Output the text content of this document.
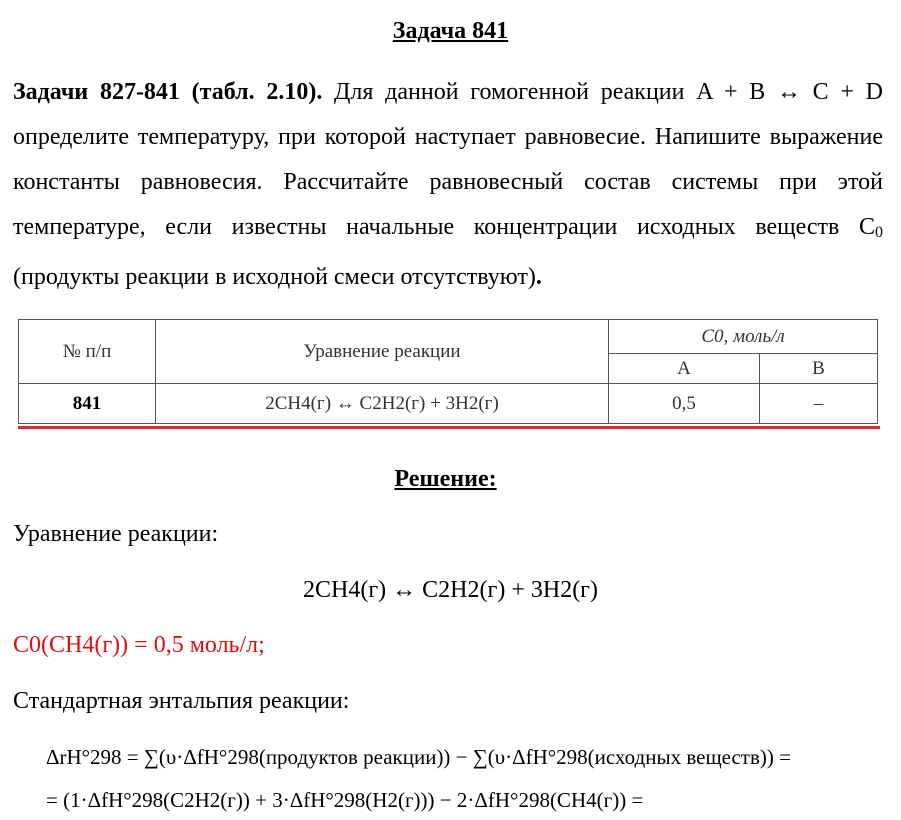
Задача 841
Задачи 827-841 (табл. 2.10). Для данной гомогенной реакции A + B ↔ C + D определите температуру, при которой наступает равновесие. Напишите выражение константы равновесия. Рассчитайте равновесный состав системы при этой температуре, если известны начальные концентрации исходных веществ C0 (продукты реакции в исходной смеси отсутствуют).
№ п/п	Уравнение реакции	C0, моль/л	
		A	B
841	2CH4(г) ↔ C2H2(г) + 3H2(г)	0,5	–
Решение:
Уравнение реакции:
2CH4(г) ↔ C2H2(г) + 3H2(г)
C0(CH4(г)) = 0,5 моль/л;
Стандартная энтальпия реакции:
ΔrH°298 = ∑(υ·ΔfH°298(продуктов реакции)) − ∑(υ·ΔfH°298(исходных веществ)) =
= (1·ΔfH°298(C2H2(г)) + 3·ΔfH°298(H2(г))) − 2·ΔfH°298(CH4(г)) =
